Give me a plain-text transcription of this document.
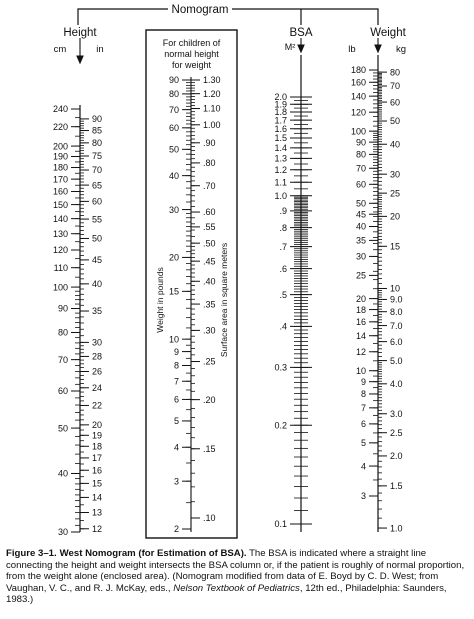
Nomogram
Height	BSA	Weight
cm	in	M²	lb	kg
For children of
normal height
for weight
Weight in pounds	Surface area in square meters
240
220
200
190
180
170
160
150
140
130
120
110
100
90
80
70
60
50
40
30
90
85
80
75
70
65
60
55
50
45
40
35
30
28
26
24
22
20
19
18
17
16
15
14
13
12
90
80
70
60
50
40
30
20
15
10
9
8
7
6
5
4
3
2
1.30
1.20
1.10
1.00
.90
.80
.70
.60
.55
.50
.45
.40
.35
.30
.25
.20
.15
.10
2.0
1.9
1.8
1.7
1.6
1.5
1.4
1.3
1.2
1.1
1.0
.9
.8
.7
.6
.5
.4
0.3
0.2
0.1
180
160
140
120
100
90
80
70
60
50
45
40
35
30
25
20
18
16
14
12
10
9
8
7
6
5
4
3
80
70
60
50
40
30
25
20
15
10
9.0
8.0
7.0
6.0
5.0
4.0
3.0
2.5
2.0
1.5
1.0
Figure 3–1. West Nomogram (for Estimation of BSA). The BSA is indicated where a straight line connecting the height and weight intersects the BSA column or, if the patient is roughly of normal proportion, from the weight alone (enclosed area). (Nomogram modified from data of E. Boyd by C. D. West; from Vaughan, V. C., and R. J. McKay, eds., Nelson Textbook of Pediatrics, 12th ed., Philadelphia: Saunders, 1983.)
